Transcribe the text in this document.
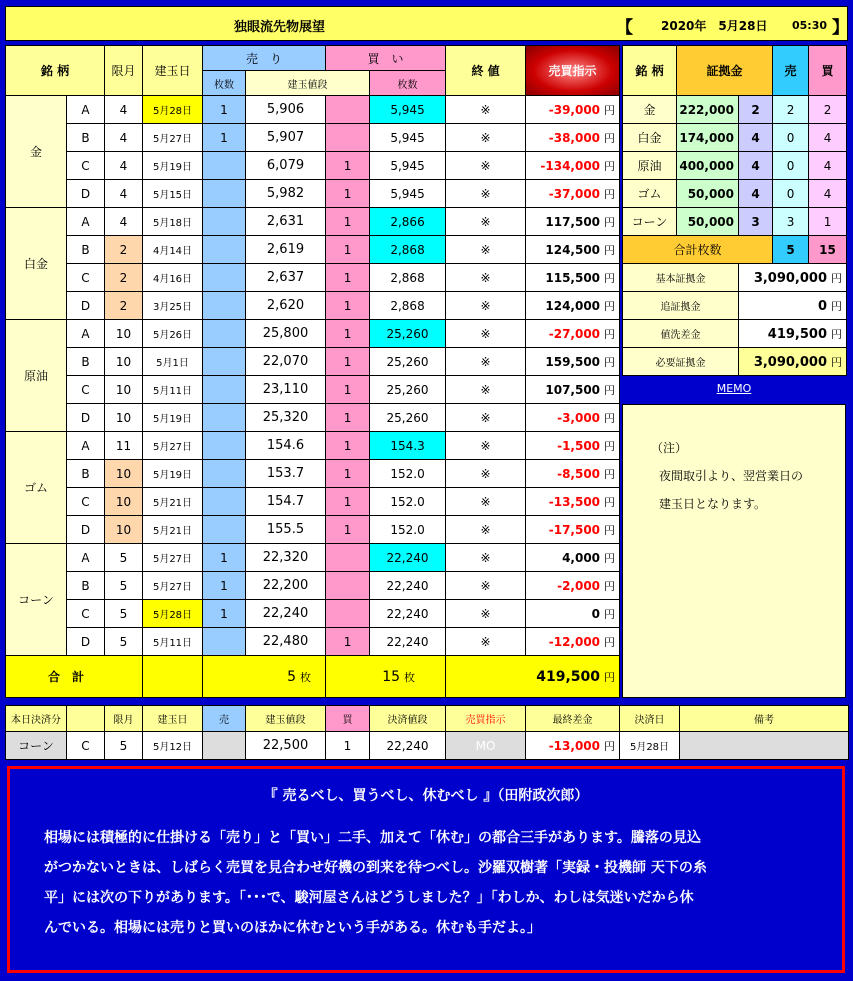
独眼流先物展望	【 2020年　5月28日 05:30 】
銘 柄		限月	建玉日	売　り		買　い		終 値	売買指示	
				枚数	建玉値段		枚数			
金	A	4	5月28日	1	5,906		5,945	※	-39,000 円	
	B	4	5月27日	1	5,907		5,945	※	-38,000 円	
	C	4	5月19日		6,079	1	5,945	※	-134,000 円	
	D	4	5月15日		5,982	1	5,945	※	-37,000 円	
白金	A	4	5月18日		2,631	1	2,866	※	117,500 円	
	B	2	4月14日		2,619	1	2,868	※	124,500 円	
	C	2	4月16日		2,637	1	2,868	※	115,500 円	
	D	2	3月25日		2,620	1	2,868	※	124,000 円	
原油	A	10	5月26日		25,800	1	25,260	※	-27,000 円	
	B	10	5月1日		22,070	1	25,260	※	159,500 円	
	C	10	5月11日		23,110	1	25,260	※	107,500 円	
	D	10	5月19日		25,320	1	25,260	※	-3,000 円	
ゴム	A	11	5月27日		154.6	1	154.3	※	-1,500 円	
	B	10	5月19日		153.7	1	152.0	※	-8,500 円	
	C	10	5月21日		154.7	1	152.0	※	-13,500 円	
	D	10	5月21日		155.5	1	152.0	※	-17,500 円	
コーン	A	5	5月27日	1	22,320		22,240	※	4,000 円	
	B	5	5月27日	1	22,200		22,240	※	-2,000 円	
	C	5	5月28日	1	22,240		22,240	※	0 円	
	D	5	5月11日		22,480	1	22,240	※	-12,000 円	
合　計				5 枚		15 枚		419,500 円		
銘 柄	証拠金		売	買
金	222,000	2	2	2
白金	174,000	4	0	4
原油	400,000	4	0	4
ゴム	50,000	4	0	4
コーン	50,000	3	3	1
合計枚数			5	15
基本証拠金		3,090,000 円		
追証拠金		0 円		
値洗差金		419,500 円		
必要証拠金		3,090,000 円		
MEMO
（注）
夜間取引より、翌営業日の
建玉日となります。
本日決済分		限月	建玉日	売	建玉値段	買	決済値段	売買指示	最終差金	決済日	備考
コーン	C	5	5月12日		22,500	1	22,240	MO	-13,000 円	5月28日	
『 売るべし、買うべし、休むべし 』（田附政次郎）
相場には積極的に仕掛ける「売り」と「買い」二手、加えて「休む」の都合三手があります。騰落の見込
がつかないときは、しばらく売買を見合わせ好機の到来を待つべし。沙羅双樹著「実録・投機師 天下の糸
平」には次の下りがあります。「･･･で、駿河屋さんはどうしました？」「わしか、わしは気迷いだから休
んでいる。相場には売りと買いのほかに休むという手がある。休むも手だよ。」
